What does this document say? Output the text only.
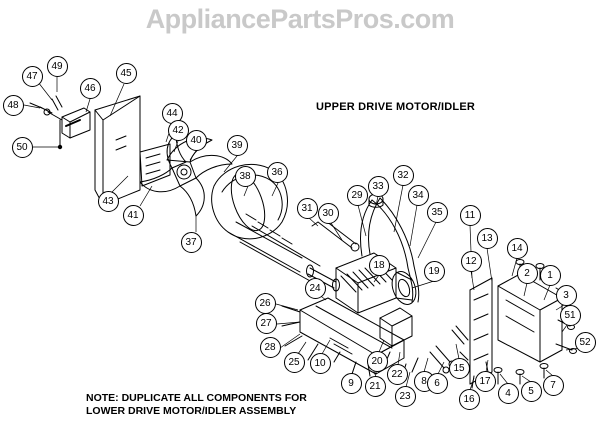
AppliancePartsPros.com
UPPER DRIVE MOTOR/IDLER
NOTE: DUPLICATE ALL COMPONENTS FOR
LOWER DRIVE MOTOR/IDLER ASSEMBLY
47
49
48
46
45
50
44
42
40	39
43
41
37
38	36
31 30
29
33
32
34
35
18
19
11
13
14
12
2	1
3
51
52
24
26
27
28
25	10
9	21
20
22
23
8 6
15
16
17
4	5
7
